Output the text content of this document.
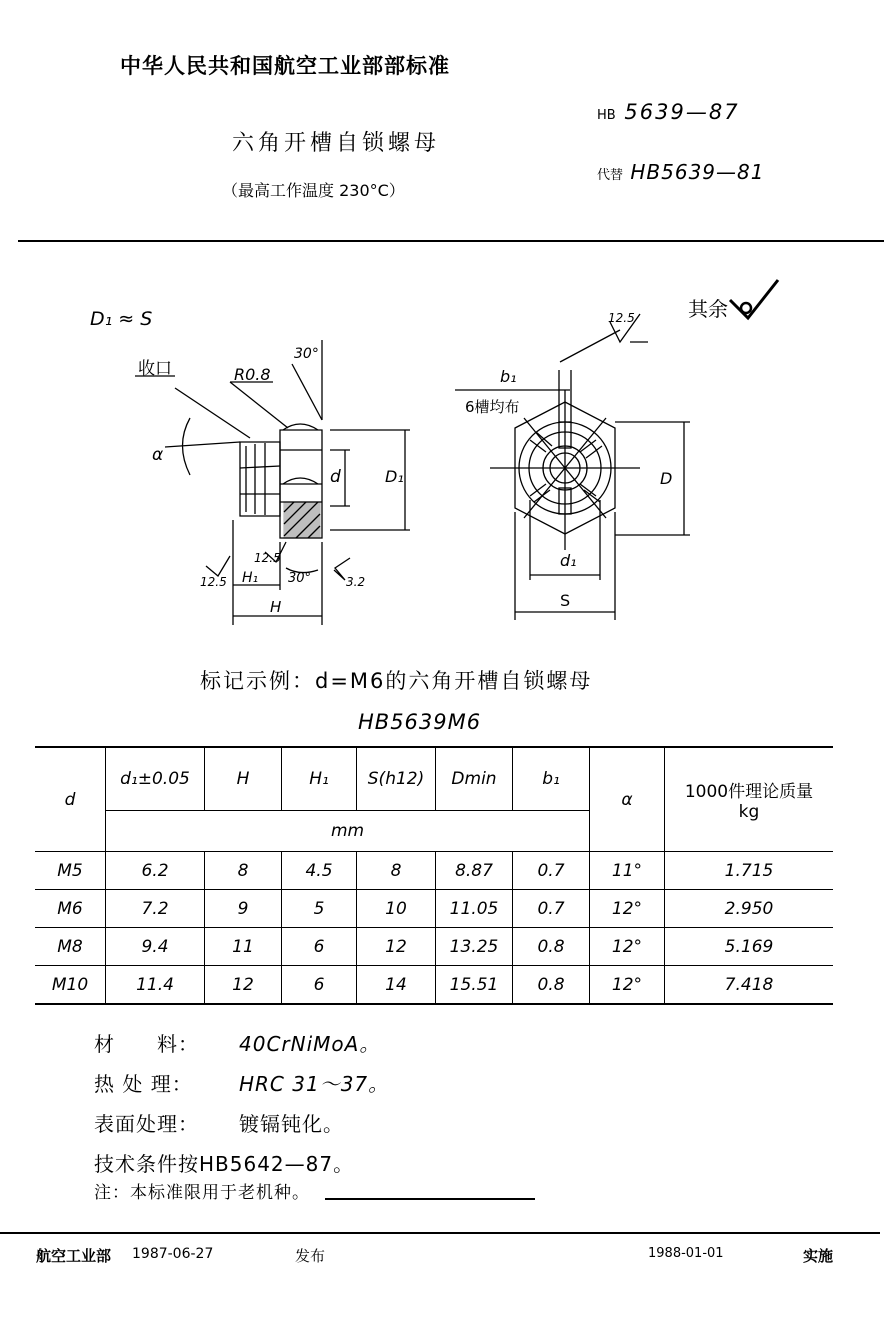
中华人民共和国航空工业部部标准
六角开槽自锁螺母
（最高工作温度 230°C）
HB 5639—87
代替 HB5639—81
D₁ ≈ S	其余
收口	R0.8
30°
α
d	D₁
H₁
H
30°
12.5
12.5
3.2
12.5
b₁
6槽均布
D
d₁
S
标记示例：d=M6的六角开槽自锁螺母
HB5639M6
d	d₁±0.05	H	H₁	S(h12)	Dmin	b₁	α	1000件理论质量
kg
	mm							
M5	6.2	8	4.5	8	8.87	0.7	11°	1.715
M6	7.2	9	5	10	11.05	0.7	12°	2.950
M8	9.4	11	6	12	13.25	0.8	12°	5.169
M10	11.4	12	6	14	15.51	0.8	12°	7.418
材　　料： 40CrNiMoA。
热 处 理： HRC 31～37。
表面处理： 镀镉钝化。
技术条件按HB5642—87。
注：本标准限用于老机种。
航空工业部 1987-06-27	发布	1988-01-01	实施
